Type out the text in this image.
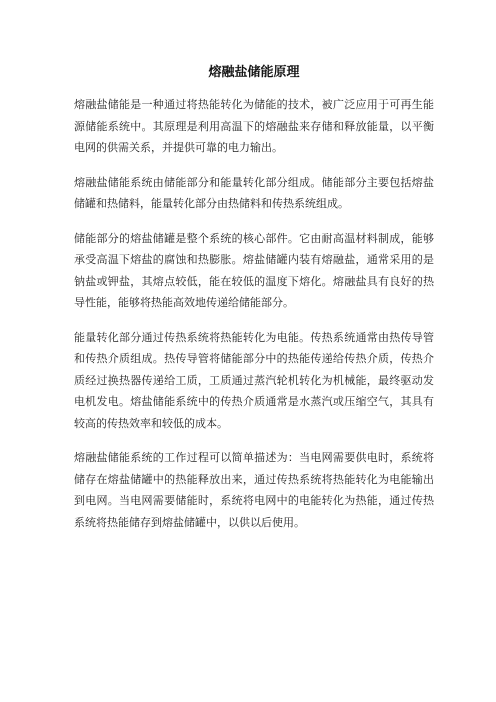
熔融盐储能原理

熔融盐储能是一种通过将热能转化为储能的技术，被广泛应用于可再生能源储能系统中。其原理是利用高温下的熔融盐来存储和释放能量，以平衡电网的供需关系，并提供可靠的电力输出。

熔融盐储能系统由储能部分和能量转化部分组成。储能部分主要包括熔盐储罐和热储料，能量转化部分由热储料和传热系统组成。

储能部分的熔盐储罐是整个系统的核心部件。它由耐高温材料制成，能够承受高温下熔盐的腐蚀和热膨胀。熔盐储罐内装有熔融盐，通常采用的是钠盐或钾盐，其熔点较低，能在较低的温度下熔化。熔融盐具有良好的热导性能，能够将热能高效地传递给储能部分。

能量转化部分通过传热系统将热能转化为电能。传热系统通常由热传导管和传热介质组成。热传导管将储能部分中的热能传递给传热介质，传热介质经过换热器传递给工质，工质通过蒸汽轮机转化为机械能，最终驱动发电机发电。熔盐储能系统中的传热介质通常是水蒸汽或压缩空气，其具有较高的传热效率和较低的成本。

熔融盐储能系统的工作过程可以简单描述为：当电网需要供电时，系统将储存在熔盐储罐中的热能释放出来，通过传热系统将热能转化为电能输出到电网。当电网需要储能时，系统将电网中的电能转化为热能，通过传热系统将热能储存到熔盐储罐中，以供以后使用。
